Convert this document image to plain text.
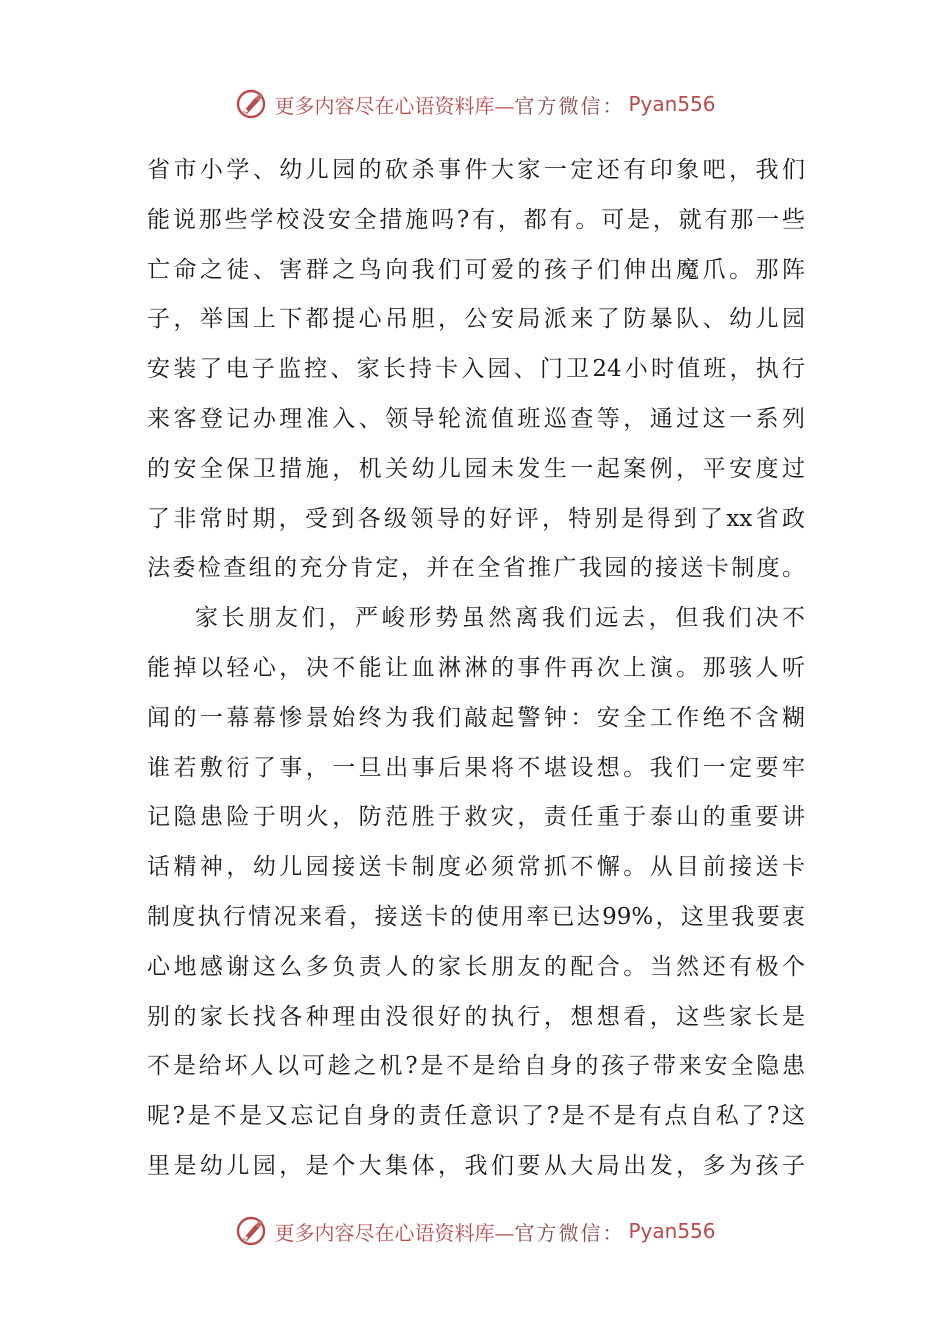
更多内容尽在心语资料库— 官方微信： Pyan556
省市小学、幼儿园的砍杀事件大家一定还有印象吧，我们
能说那些学校没安全措施吗?有，都有。可是，就有那一些
亡命之徒、害群之鸟向我们可爱的孩子们伸出魔爪。那阵
子，举国上下都提心吊胆，公安局派来了防暴队、幼儿园
安装了电子监控、家长持卡入园、门卫24小时值班，执行
来客登记办理准入、领导轮流值班巡查等，通过这一系列
的安全保卫措施，机关幼儿园未发生一起案例，平安度过
了非常时期，受到各级领导的好评，特别是得到了xx省政
法委检查组的充分肯定，并在全省推广我园的接送卡制度。
家长朋友们，严峻形势虽然离我们远去，但我们决不
能掉以轻心，决不能让血淋淋的事件再次上演。那骇人听
闻的一幕幕惨景始终为我们敲起警钟：安全工作绝不含糊
谁若敷衍了事，一旦出事后果将不堪设想。我们一定要牢
记隐患险于明火，防范胜于救灾，责任重于泰山的重要讲
话精神，幼儿园接送卡制度必须常抓不懈。从目前接送卡
制度执行情况来看，接送卡的使用率已达99%，这里我要衷
心地感谢这么多负责人的家长朋友的配合。当然还有极个
别的家长找各种理由没很好的执行，想想看，这些家长是
不是给坏人以可趁之机?是不是给自身的孩子带来安全隐患
呢?是不是又忘记自身的责任意识了?是不是有点自私了?这
里是幼儿园，是个大集体，我们要从大局出发，多为孩子
更多内容尽在心语资料库— 官方微信： Pyan556
